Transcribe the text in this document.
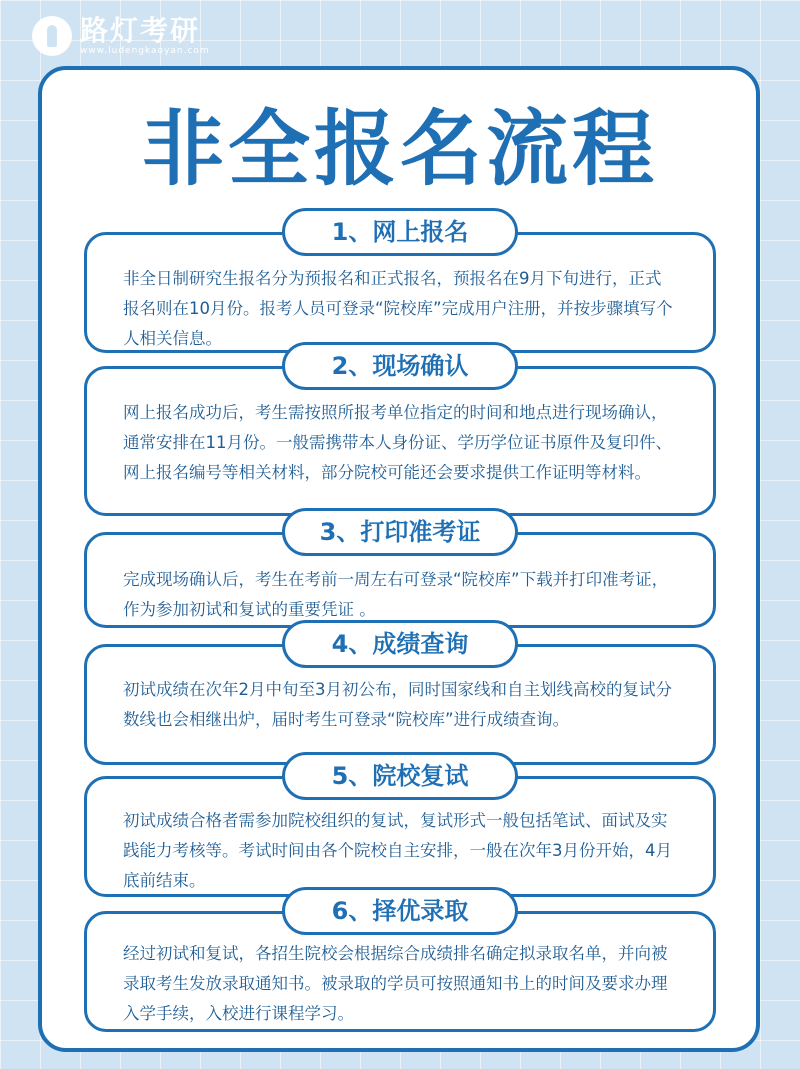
路灯考研
www.ludengkaoyan.com
非全报名流程

非全日制研究生报名分为预报名和正式报名，预报名在9月下旬进行，正式报名则在10月份。报考人员可登录“院校库”完成用户注册，并按步骤填写个人相关信息。

1、网上报名

网上报名成功后，考生需按照所报考单位指定的时间和地点进行现场确认，通常安排在11月份。一般需携带本人身份证、学历学位证书原件及复印件、网上报名编号等相关材料，部分院校可能还会要求提供工作证明等材料。

2、现场确认

完成现场确认后，考生在考前一周左右可登录“院校库”下载并打印准考证，作为参加初试和复试的重要凭证 。

3、打印准考证

初试成绩在次年2月中旬至3月初公布，同时国家线和自主划线高校的复试分数线也会相继出炉，届时考生可登录“院校库”进行成绩查询。

4、成绩查询

初试成绩合格者需参加院校组织的复试，复试形式一般包括笔试、面试及实践能力考核等。考试时间由各个院校自主安排，一般在次年3月份开始，4月底前结束。

5、院校复试

经过初试和复试，各招生院校会根据综合成绩排名确定拟录取名单，并向被录取考生发放录取通知书。被录取的学员可按照通知书上的时间及要求办理入学手续，入校进行课程学习。

6、择优录取
